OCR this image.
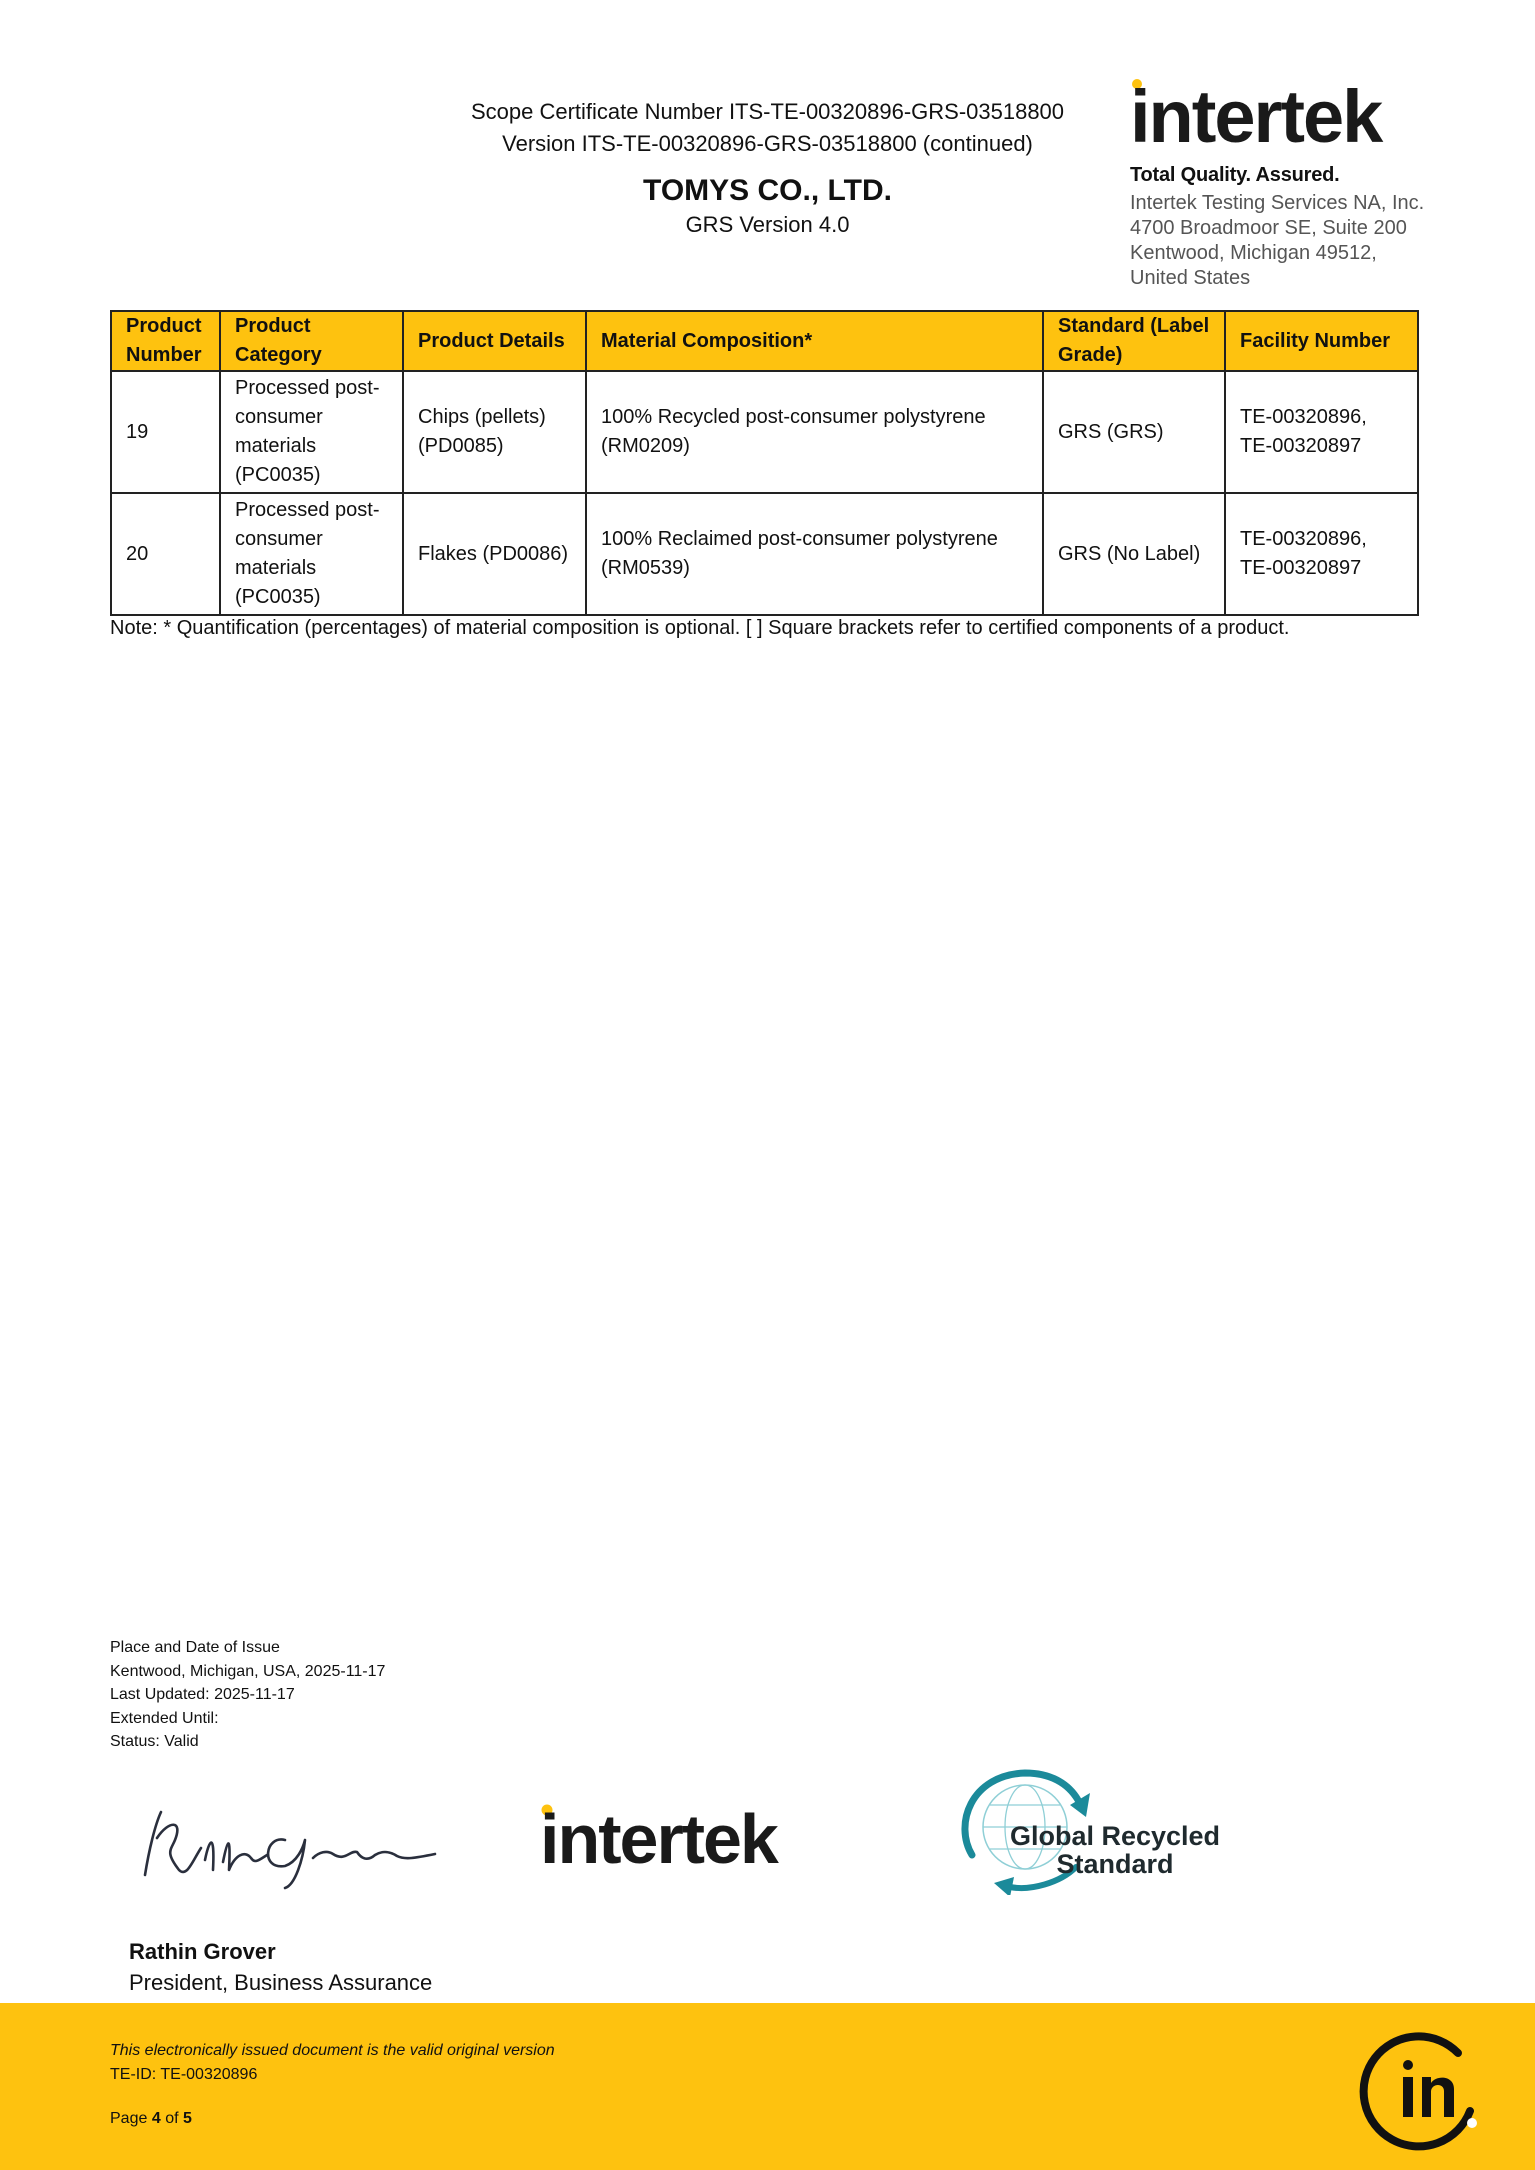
Scope Certificate Number ITS-TE-00320896-GRS-03518800
Version ITS-TE-00320896-GRS-03518800 (continued)
TOMYS CO., LTD.
GRS Version 4.0
intertek
Total Quality. Assured.
Intertek Testing Services NA, Inc.
4700 Broadmoor SE, Suite 200
Kentwood, Michigan 49512,
United States
Product Number	Product Category	Product Details	Material Composition*	Standard (Label Grade)	Facility Number
19	Processed post-consumer materials (PC0035)	Chips (pellets) (PD0085)	100% Recycled post-consumer polystyrene (RM0209)	GRS (GRS)	TE-00320896, TE-00320897
20	Processed post-consumer materials (PC0035)	Flakes (PD0086)	100% Reclaimed post-consumer polystyrene (RM0539)	GRS (No Label)	TE-00320896, TE-00320897
Note: * Quantification (percentages) of material composition is optional. [ ] Square brackets refer to certified components of a product.
Place and Date of Issue
Kentwood, Michigan, USA, 2025-11-17
Last Updated: 2025-11-17
Extended Until:
Status: Valid
intertek	Global Recycled
Standard
Rathin Grover
President, Business Assurance
This electronically issued document is the valid original version
TE-ID: TE-00320896
Page 4 of 5
